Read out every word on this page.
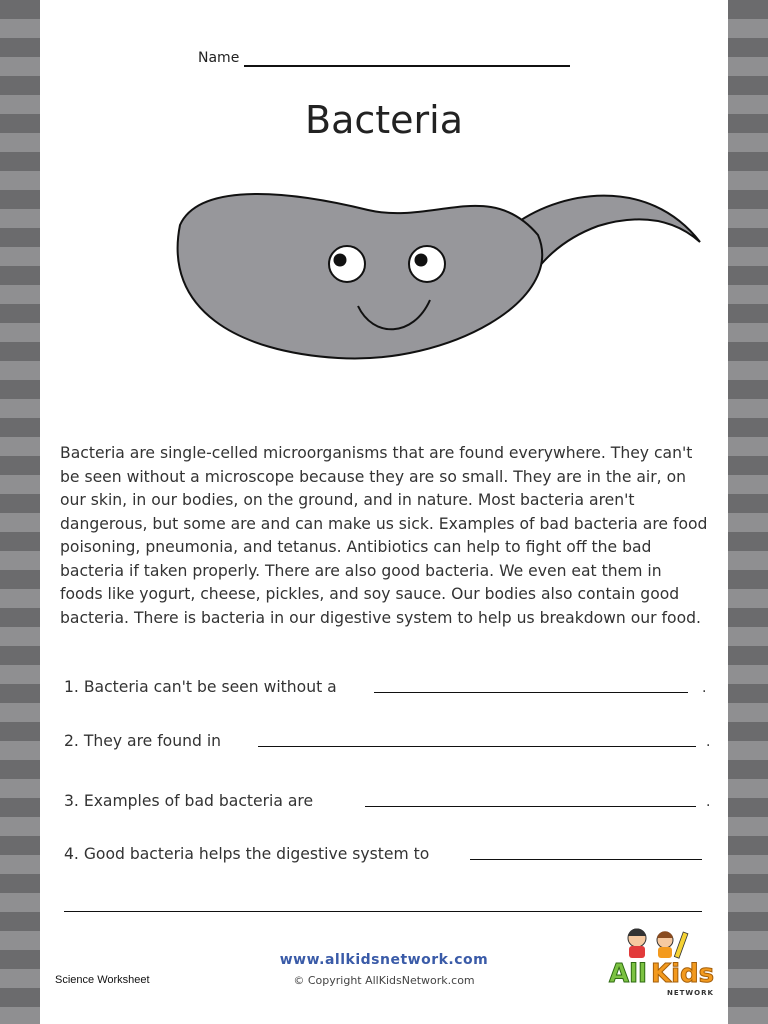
Name
Bacteria

Bacteria are single-celled microorganisms that are found everywhere. They can't be seen without a microscope because they are so small. They are in the air, on our skin, in our bodies, on the ground, and in nature. Most bacteria aren't dangerous, but some are and can make us sick. Examples of bad bacteria are food poisoning, pneumonia, and tetanus. Antibiotics can help to fight off the bad bacteria if taken properly. There are also good bacteria. We even eat them in foods like yogurt, cheese, pickles, and soy sauce. Our bodies also contain good bacteria. There is bacteria in our digestive system to help us breakdown our food.

1. Bacteria can't be seen without a	.
2. They are found in	.
3. Examples of bad bacteria are	.
4. Good bacteria helps the digestive system to
Science Worksheet
www.allkidsnetwork.com
© Copyright AllKidsNetwork.com	All Kids
NETWORK
